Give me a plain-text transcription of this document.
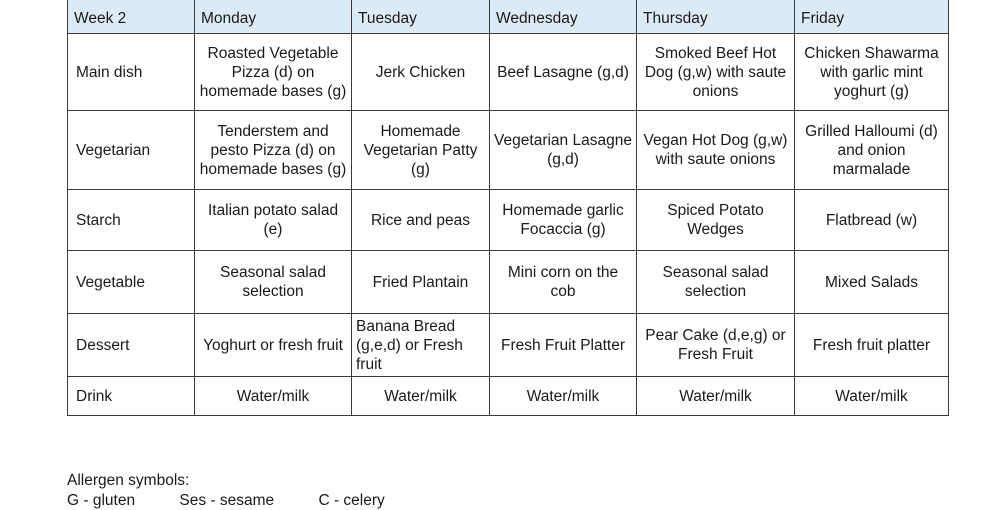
Week 2	Monday	Tuesday	Wednesday	Thursday	Friday
Main dish	Roasted Vegetable Pizza (d) on homemade bases (g)	Jerk Chicken	Beef Lasagne (g,d)	Smoked Beef Hot Dog (g,w) with saute onions	Chicken Shawarma with garlic mint yoghurt (g)
Vegetarian	Tenderstem and pesto Pizza (d) on homemade bases (g)	Homemade Vegetarian Patty (g)	Vegetarian Lasagne (g,d)	Vegan Hot Dog (g,w) with saute onions	Grilled Halloumi (d) and onion marmalade
Starch	Italian potato salad (e)	Rice and peas	Homemade garlic Focaccia (g)	Spiced Potato Wedges	Flatbread (w)
Vegetable	Seasonal salad selection	Fried Plantain	Mini corn on the cob	Seasonal salad selection	Mixed Salads
Dessert	Yoghurt or fresh fruit	Banana Bread (g,e,d) or Fresh fruit	Fresh Fruit Platter	Pear Cake (d,e,g) or Fresh Fruit	Fresh fruit platter
Drink	Water/milk	Water/milk	Water/milk	Water/milk	Water/milk
Allergen symbols:
G - gluten	Ses - sesame	C - celery
